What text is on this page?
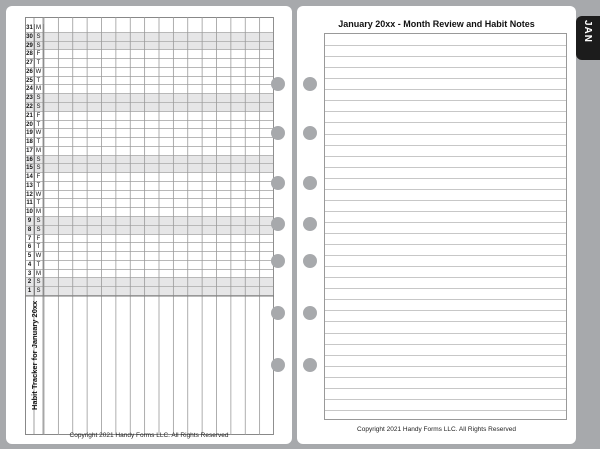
31 M
30 S
29 S
28 F
27 T
26 W
25 T
24 M
23 S
22 S
21 F
20 T
19 W
18 T
17 M
16 S
15 S
14 F
13 T
12 W
11 T
10 M
9 S
8 S
7 F
6 T
5 W
4 T
3 M
2 S
1 S
Habit Tracker for January 20xx
Copyright 2021 Handy Forms LLC. All Rights Reserved
January 20xx - Month Review and Habit Notes
Copyright 2021 Handy Forms LLC. All Rights Reserved
JAN
